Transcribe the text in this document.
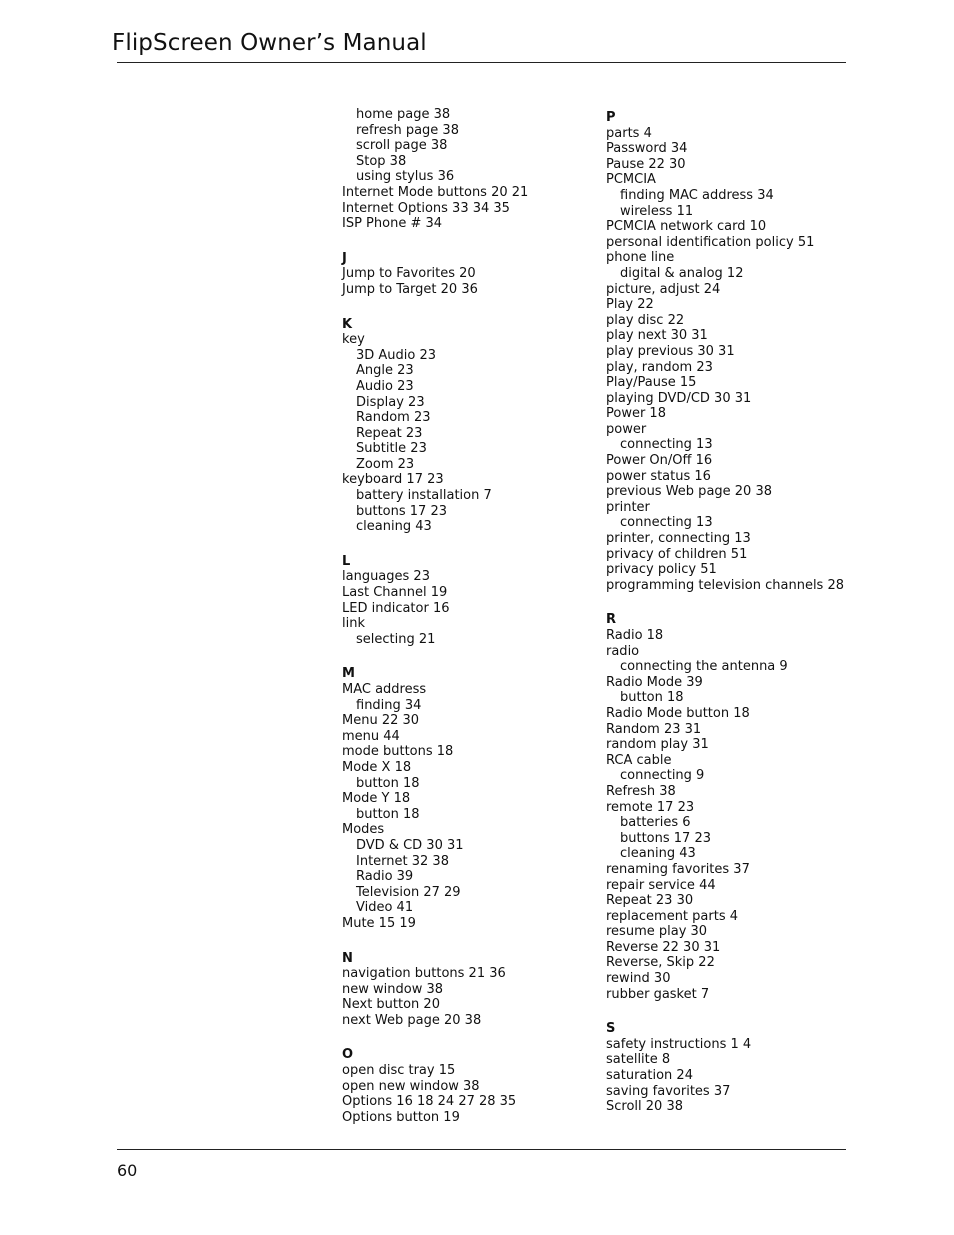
FlipScreen Owner’s Manual
home page 38
refresh page 38
scroll page 38
Stop 38
using stylus 36
Internet Mode buttons 20 21
Internet Options 33 34 35
ISP Phone # 34
J
Jump to Favorites 20
Jump to Target 20 36
K
key
3D Audio 23
Angle 23
Audio 23
Display 23
Random 23
Repeat 23
Subtitle 23
Zoom 23
keyboard 17 23
battery installation 7
buttons 17 23
cleaning 43
L
languages 23
Last Channel 19
LED indicator 16
link
selecting 21
M
MAC address
finding 34
Menu 22 30
menu 44
mode buttons 18
Mode X 18
button 18
Mode Y 18
button 18
Modes
DVD & CD 30 31
Internet 32 38
Radio 39
Television 27 29
Video 41
Mute 15 19
N
navigation buttons 21 36
new window 38
Next button 20
next Web page 20 38
O
open disc tray 15
open new window 38
Options 16 18 24 27 28 35
Options button 19
P
parts 4
Password 34
Pause 22 30
PCMCIA
finding MAC address 34
wireless 11
PCMCIA network card 10
personal identification policy 51
phone line
digital & analog 12
picture, adjust 24
Play 22
play disc 22
play next 30 31
play previous 30 31
play, random 23
Play/Pause 15
playing DVD/CD 30 31
Power 18
power
connecting 13
Power On/Off 16
power status 16
previous Web page 20 38
printer
connecting 13
printer, connecting 13
privacy of children 51
privacy policy 51
programming television channels 28
R
Radio 18
radio
connecting the antenna 9
Radio Mode 39
button 18
Radio Mode button 18
Random 23 31
random play 31
RCA cable
connecting 9
Refresh 38
remote 17 23
batteries 6
buttons 17 23
cleaning 43
renaming favorites 37
repair service 44
Repeat 23 30
replacement parts 4
resume play 30
Reverse 22 30 31
Reverse, Skip 22
rewind 30
rubber gasket 7
S
safety instructions 1 4
satellite 8
saturation 24
saving favorites 37
Scroll 20 38
60
